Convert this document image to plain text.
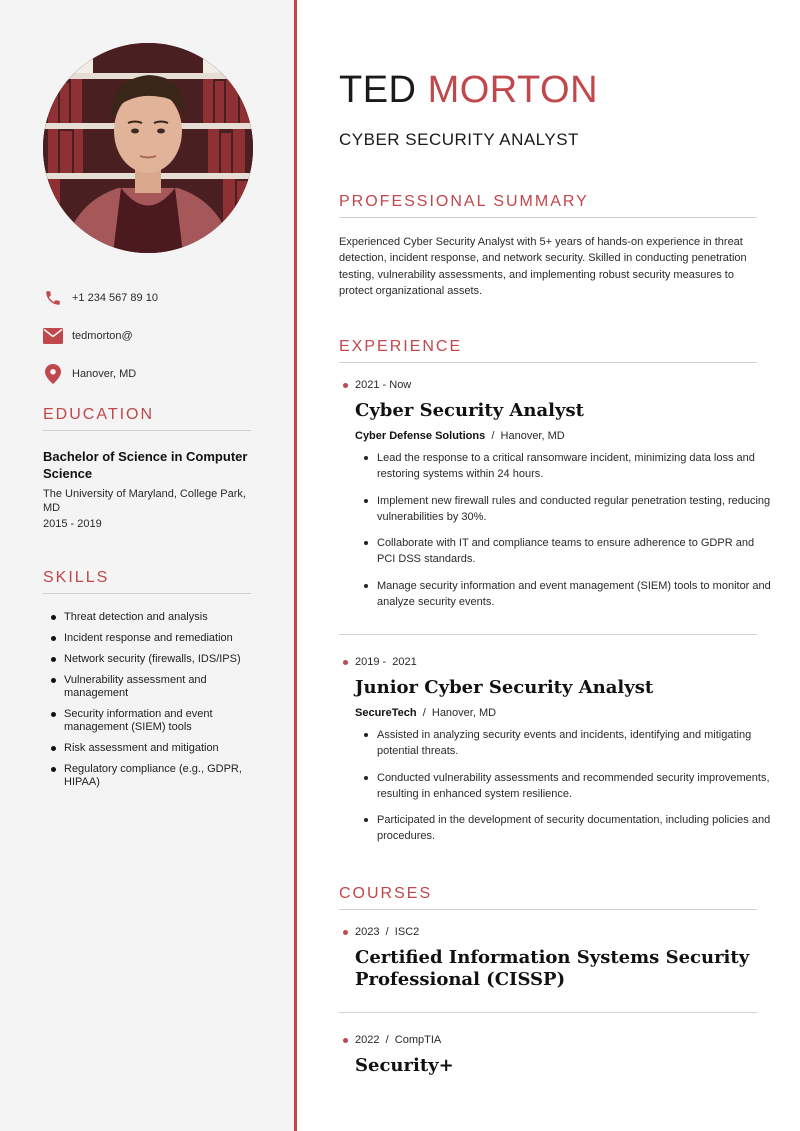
+1 234 567 89 10
tedmorton@
Hanover, MD
EDUCATION
Bachelor of Science in Computer Science
The University of Maryland, College Park, MD
2015 - 2019
SKILLS
Threat detection and analysis
Incident response and remediation
Network security (firewalls, IDS/IPS)
Vulnerability assessment and management
Security information and event management (SIEM) tools
Risk assessment and mitigation
Regulatory compliance (e.g., GDPR, HIPAA)
TED MORTON
CYBER SECURITY ANALYST
PROFESSIONAL SUMMARY
Experienced Cyber Security Analyst with 5+ years of hands-on experience in threat detection, incident response, and network security. Skilled in conducting penetration testing, vulnerability assessments, and implementing robust security measures to protect organizational assets.
EXPERIENCE
2021 - Now
Cyber Security Analyst
Cyber Defense Solutions / Hanover, MD
Lead the response to a critical ransomware incident, minimizing data loss and restoring systems within 24 hours.
Implement new firewall rules and conducted regular penetration testing, reducing vulnerabilities by 30%.
Collaborate with IT and compliance teams to ensure adherence to GDPR and PCI DSS standards.
Manage security information and event management (SIEM) tools to monitor and analyze security events.
2019 -  2021
Junior Cyber Security Analyst
SecureTech / Hanover, MD
Assisted in analyzing security events and incidents, identifying and mitigating potential threats.
Conducted vulnerability assessments and recommended security improvements, resulting in enhanced system resilience.
Participated in the development of security documentation, including policies and procedures.
COURSES
2023
/
ISC2
Certified Information Systems Security Professional (CISSP)
2022
/
CompTIA
Security+
